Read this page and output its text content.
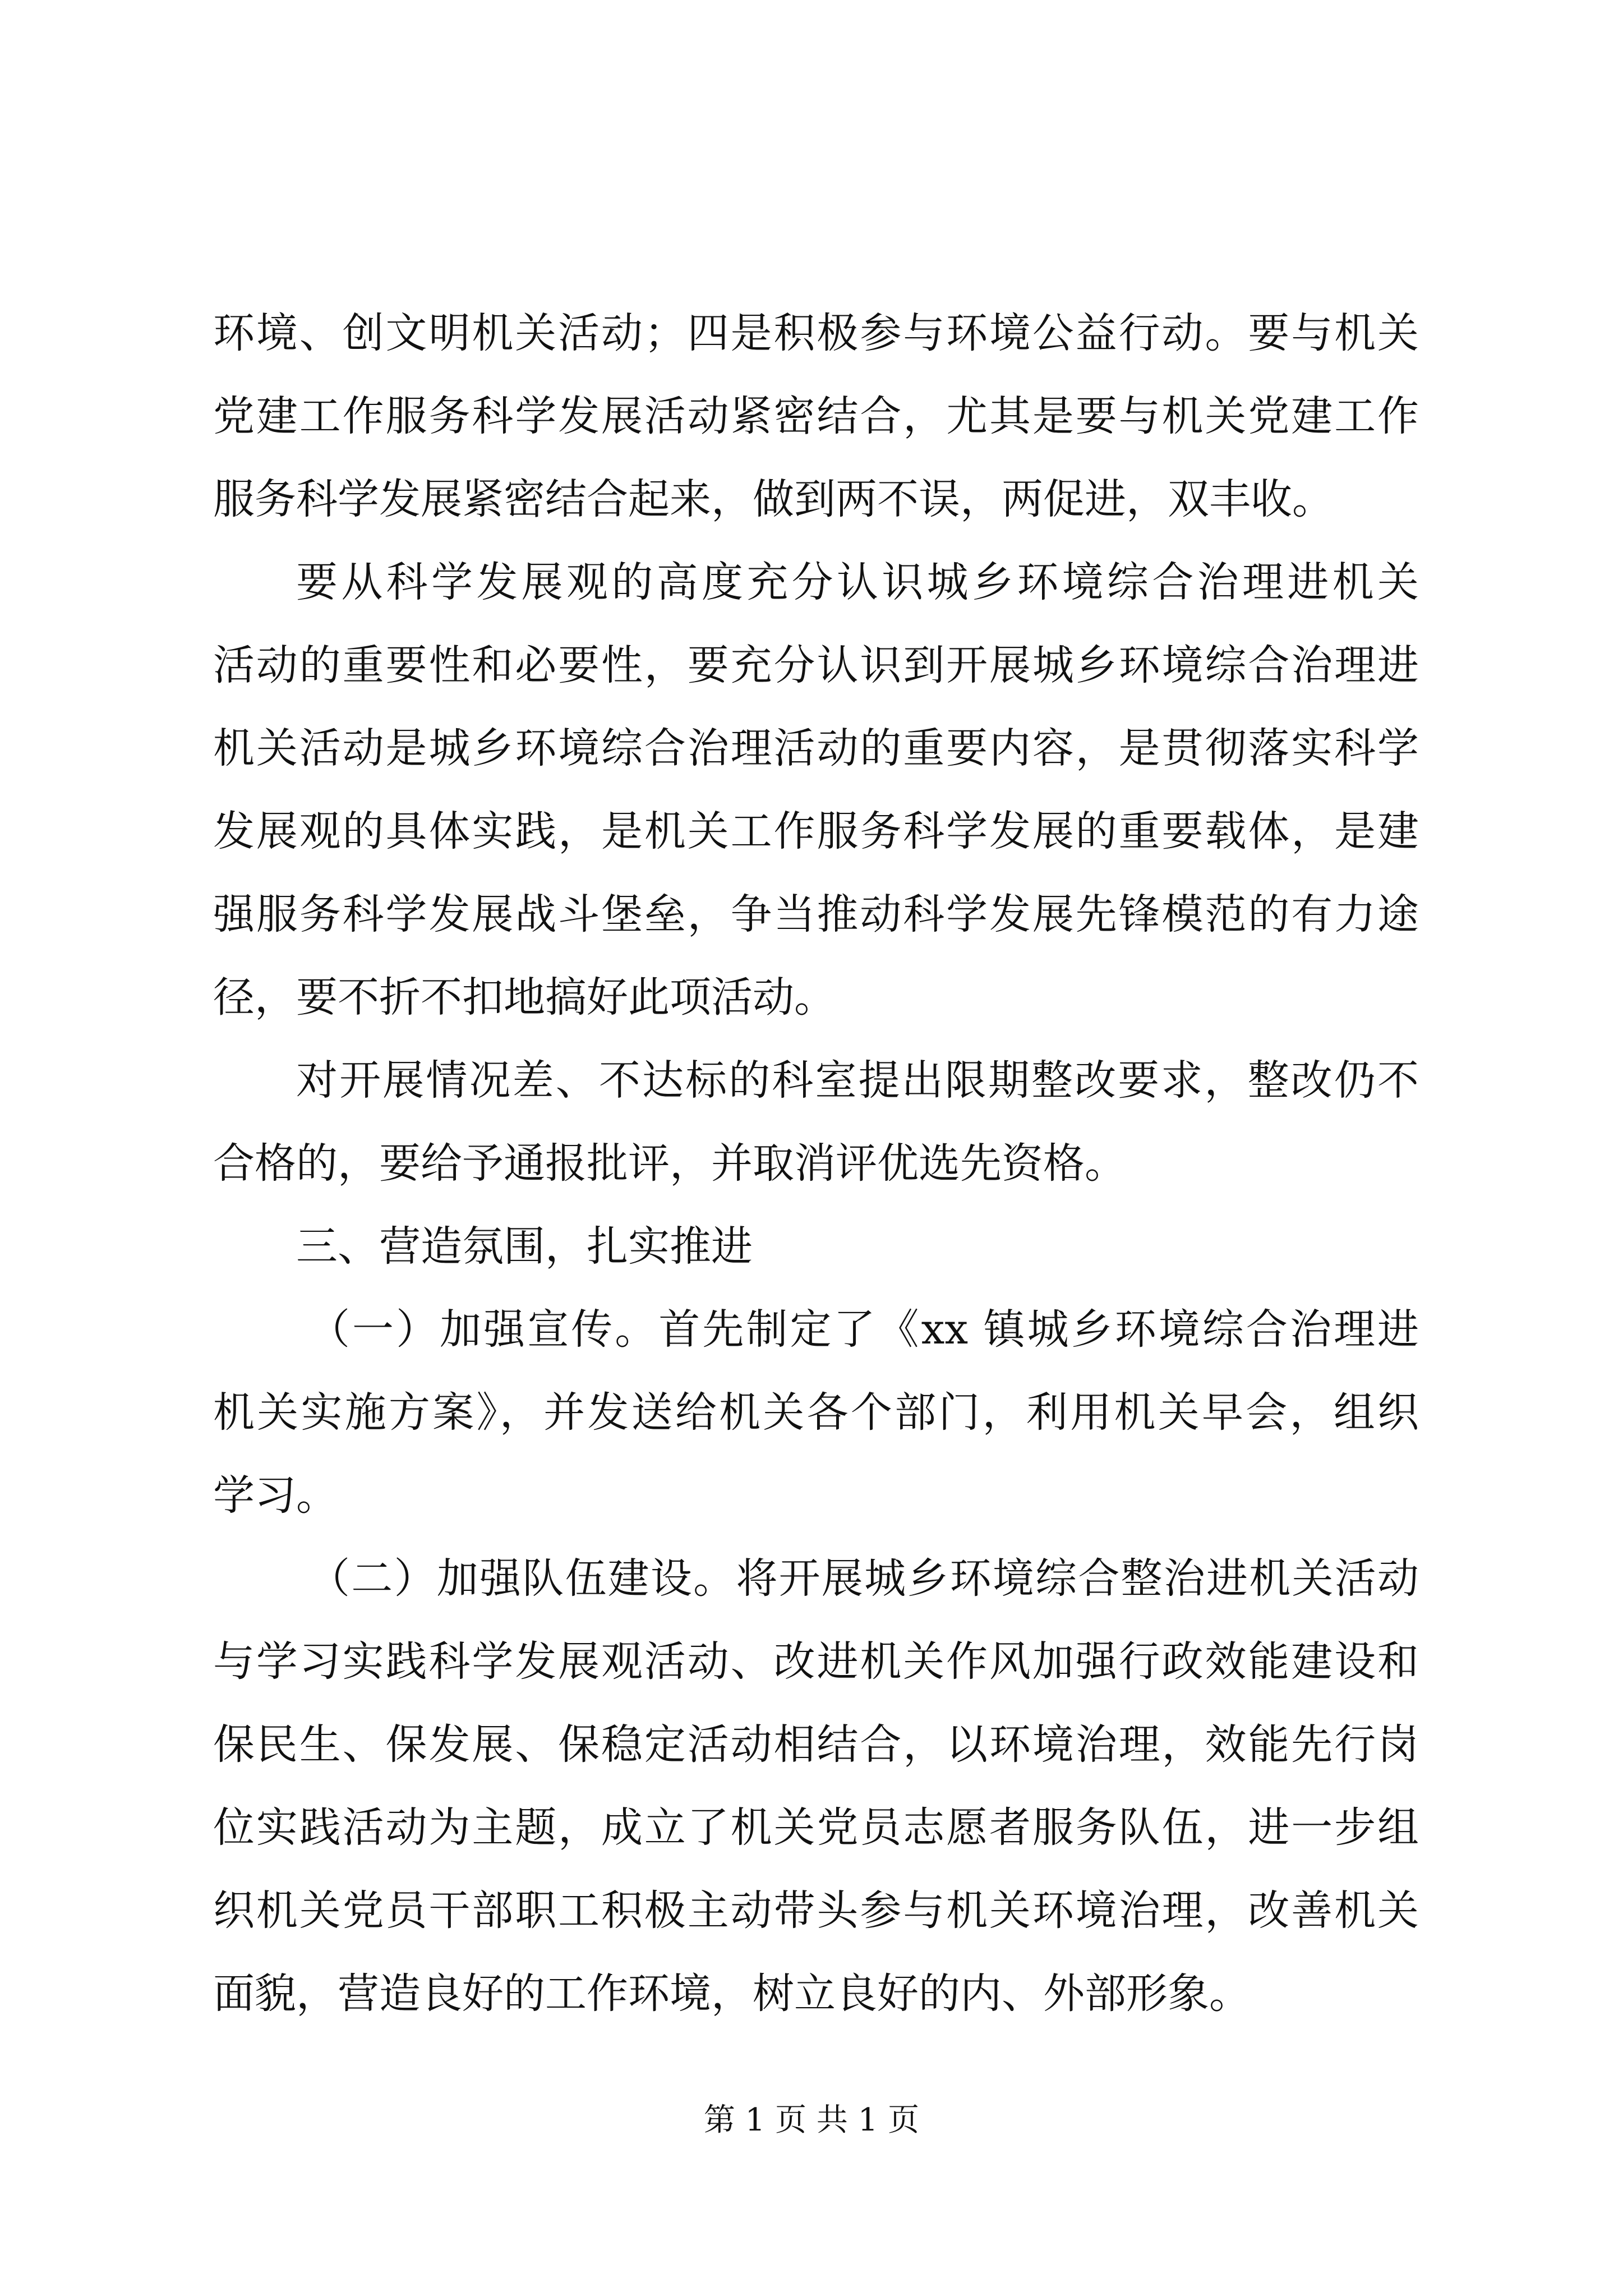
环境、创文明机关活动；四是积极参与环境公益行动。要与机关
党建工作服务科学发展活动紧密结合，尤其是要与机关党建工作
服务科学发展紧密结合起来，做到两不误，两促进，双丰收。
要从科学发展观的高度充分认识城乡环境综合治理进机关
活动的重要性和必要性，要充分认识到开展城乡环境综合治理进
机关活动是城乡环境综合治理活动的重要内容，是贯彻落实科学
发展观的具体实践，是机关工作服务科学发展的重要载体，是建
强服务科学发展战斗堡垒，争当推动科学发展先锋模范的有力途
径，要不折不扣地搞好此项活动。
对开展情况差、不达标的科室提出限期整改要求，整改仍不
合格的，要给予通报批评，并取消评优选先资格。
三、营造氛围，扎实推进
（一）加强宣传。首先制定了《xx 镇城乡环境综合治理进
机关实施方案》，并发送给机关各个部门，利用机关早会，组织
学习。
（二）加强队伍建设。将开展城乡环境综合整治进机关活动
与学习实践科学发展观活动、改进机关作风加强行政效能建设和
保民生、保发展、保稳定活动相结合，以环境治理，效能先行岗
位实践活动为主题，成立了机关党员志愿者服务队伍，进一步组
织机关党员干部职工积极主动带头参与机关环境治理，改善机关
面貌，营造良好的工作环境，树立良好的内、外部形象。
第 1 页 共 1 页
